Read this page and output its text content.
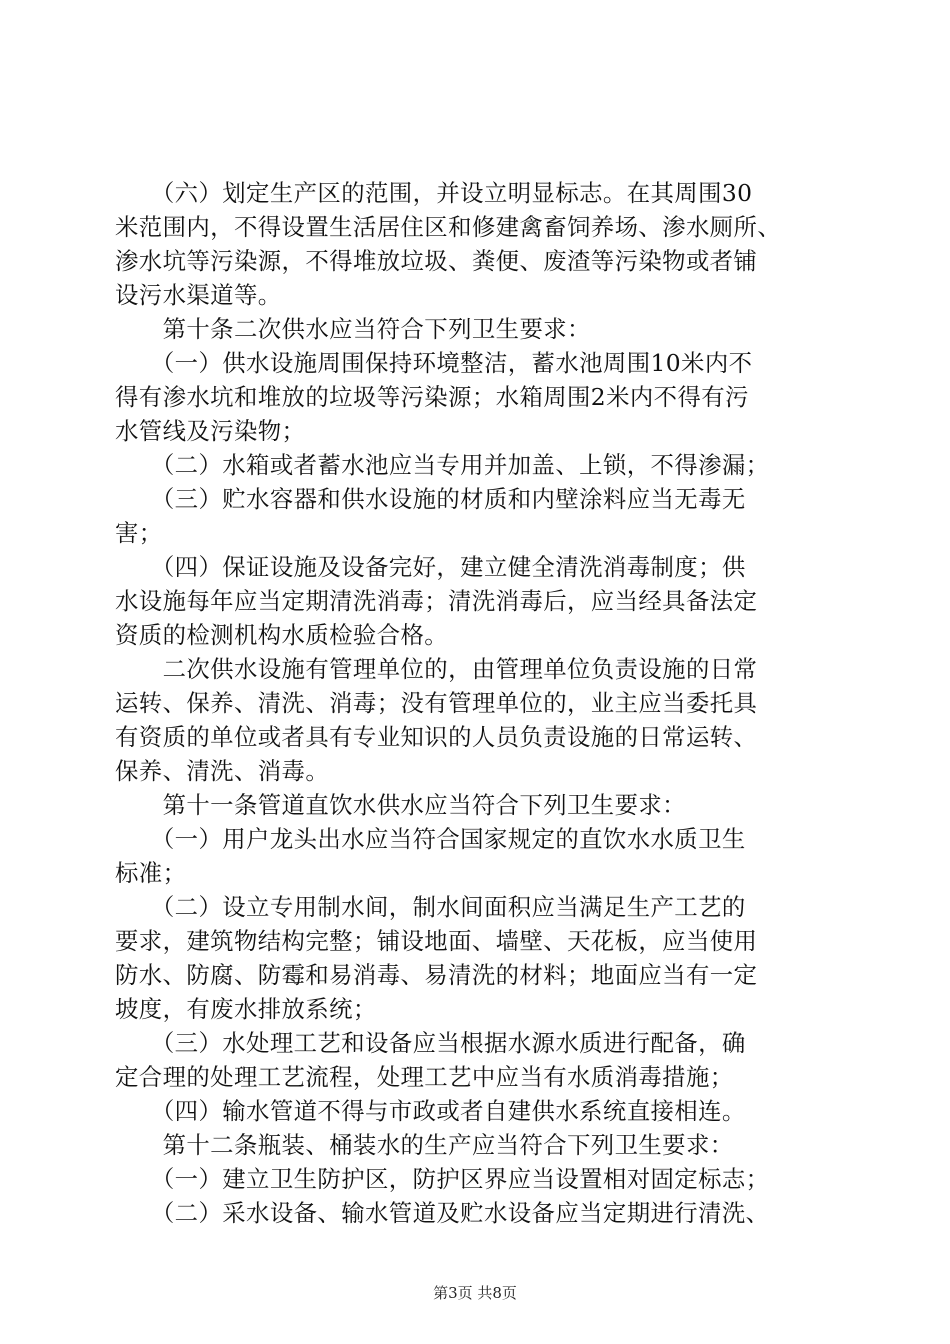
　　（六）划定生产区的范围，并设立明显标志。在其周围30
米范围内，不得设置生活居住区和修建禽畜饲养场、渗水厕所、
渗水坑等污染源，不得堆放垃圾、粪便、废渣等污染物或者铺
设污水渠道等。
　　第十条二次供水应当符合下列卫生要求：
　　（一）供水设施周围保持环境整洁，蓄水池周围10米内不
得有渗水坑和堆放的垃圾等污染源；水箱周围2米内不得有污
水管线及污染物；
　　（二）水箱或者蓄水池应当专用并加盖、上锁，不得渗漏；
　　（三）贮水容器和供水设施的材质和内壁涂料应当无毒无
害；
　　（四）保证设施及设备完好，建立健全清洗消毒制度；供
水设施每年应当定期清洗消毒；清洗消毒后，应当经具备法定
资质的检测机构水质检验合格。
　　二次供水设施有管理单位的，由管理单位负责设施的日常
运转、保养、清洗、消毒；没有管理单位的，业主应当委托具
有资质的单位或者具有专业知识的人员负责设施的日常运转、
保养、清洗、消毒。
　　第十一条管道直饮水供水应当符合下列卫生要求：
　　（一）用户龙头出水应当符合国家规定的直饮水水质卫生
标准；
　　（二）设立专用制水间，制水间面积应当满足生产工艺的
要求，建筑物结构完整；铺设地面、墙壁、天花板，应当使用
防水、防腐、防霉和易消毒、易清洗的材料；地面应当有一定
坡度，有废水排放系统；
　　（三）水处理工艺和设备应当根据水源水质进行配备，确
定合理的处理工艺流程，处理工艺中应当有水质消毒措施；
　　（四）输水管道不得与市政或者自建供水系统直接相连。
　　第十二条瓶装、桶装水的生产应当符合下列卫生要求：
　　（一）建立卫生防护区，防护区界应当设置相对固定标志；
　　（二）采水设备、输水管道及贮水设备应当定期进行清洗、
第3页 共8页
